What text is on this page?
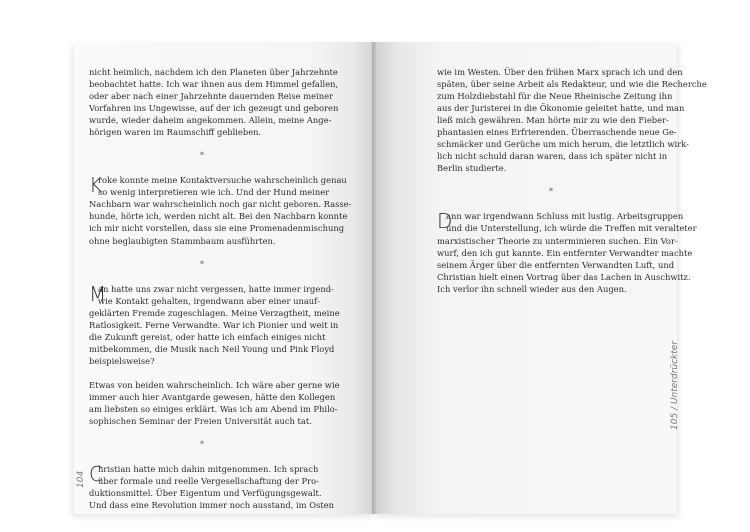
nicht heimlich, nachdem ich den Planeten über Jahrzehnte
beobachtet hatte. Ich war ihnen aus dem Himmel gefallen,
oder aber nach einer Jahrzehnte dauernden Reise meiner
Vorfahren ins Ungewisse, auf der ich gezeugt und geboren
wurde, wieder daheim angekommen. Allein, meine Ange-
hörigen waren im Raumschiff geblieben.

*

K
roke konnte meine Kontaktversuche wahrscheinlich genau
so wenig interpretieren wie ich. Und der Hund meiner
Nachbarn war wahrscheinlich noch gar nicht geboren. Rasse-
hunde, hörte ich, werden nicht alt. Bei den Nachbarn konnte
ich mir nicht vorstellen, dass sie eine Promenadenmischung
ohne beglaubigten Stammbaum ausführten.

*

M
an hatte uns zwar nicht vergessen, hatte immer irgend-
wie Kontakt gehalten, irgendwann aber einer unauf-
geklärten Fremde zugeschlagen. Meine Verzagtheit, meine
Ratlosigkeit. Ferne Verwandte. War ich Pionier und weit in
die Zukunft gereist, oder hatte ich einfach einiges nicht
mitbekommen, die Musik nach Neil Young und Pink Floyd
beispielsweise?

Etwas von beiden wahrscheinlich. Ich wäre aber gerne wie
immer auch hier Avantgarde gewesen, hätte den Kollegen
am liebsten so einiges erklärt. Was ich am Abend im Philo-
sophischen Seminar der Freien Universität auch tat.

*

C
hristian hatte mich dahin mitgenommen. Ich sprach
über formale und reelle Vergesellschaftung der Pro-
duktionsmittel. Über Eigentum und Verfügungsgewalt.
Und dass eine Revolution immer noch ausstand, im Osten

wie im Westen. Über den frühen Marx sprach ich und den
späten, über seine Arbeit als Redakteur, und wie die Recherche
zum Holzdiebstahl für die Neue Rheinische Zeitung ihn
aus der Juristerei in die Ökonomie geleitet hatte, und man
ließ mich gewähren. Man hörte mir zu wie den Fieber-
phantasien eines Erfrierenden. Überraschende neue Ge-
schmäcker und Gerüche um mich herum, die letztlich wirk-
lich nicht schuld daran waren, dass ich später nicht in
Berlin studierte.

*

D
ann war irgendwann Schluss mit lustig. Arbeitsgruppen
und die Unterstellung, ich würde die Treffen mit veralteter
marxistischer Theorie zu unterminieren suchen. Ein Vor-
wurf, den ich gut kannte. Ein entfernter Verwandter machte
seinem Ärger über die entfernten Verwandten Luft, und
Christian hielt einen Vortrag über das Lachen in Auschwitz.
Ich verlor ihn schnell wieder aus den Augen.

104
105 / Unterdrückter
